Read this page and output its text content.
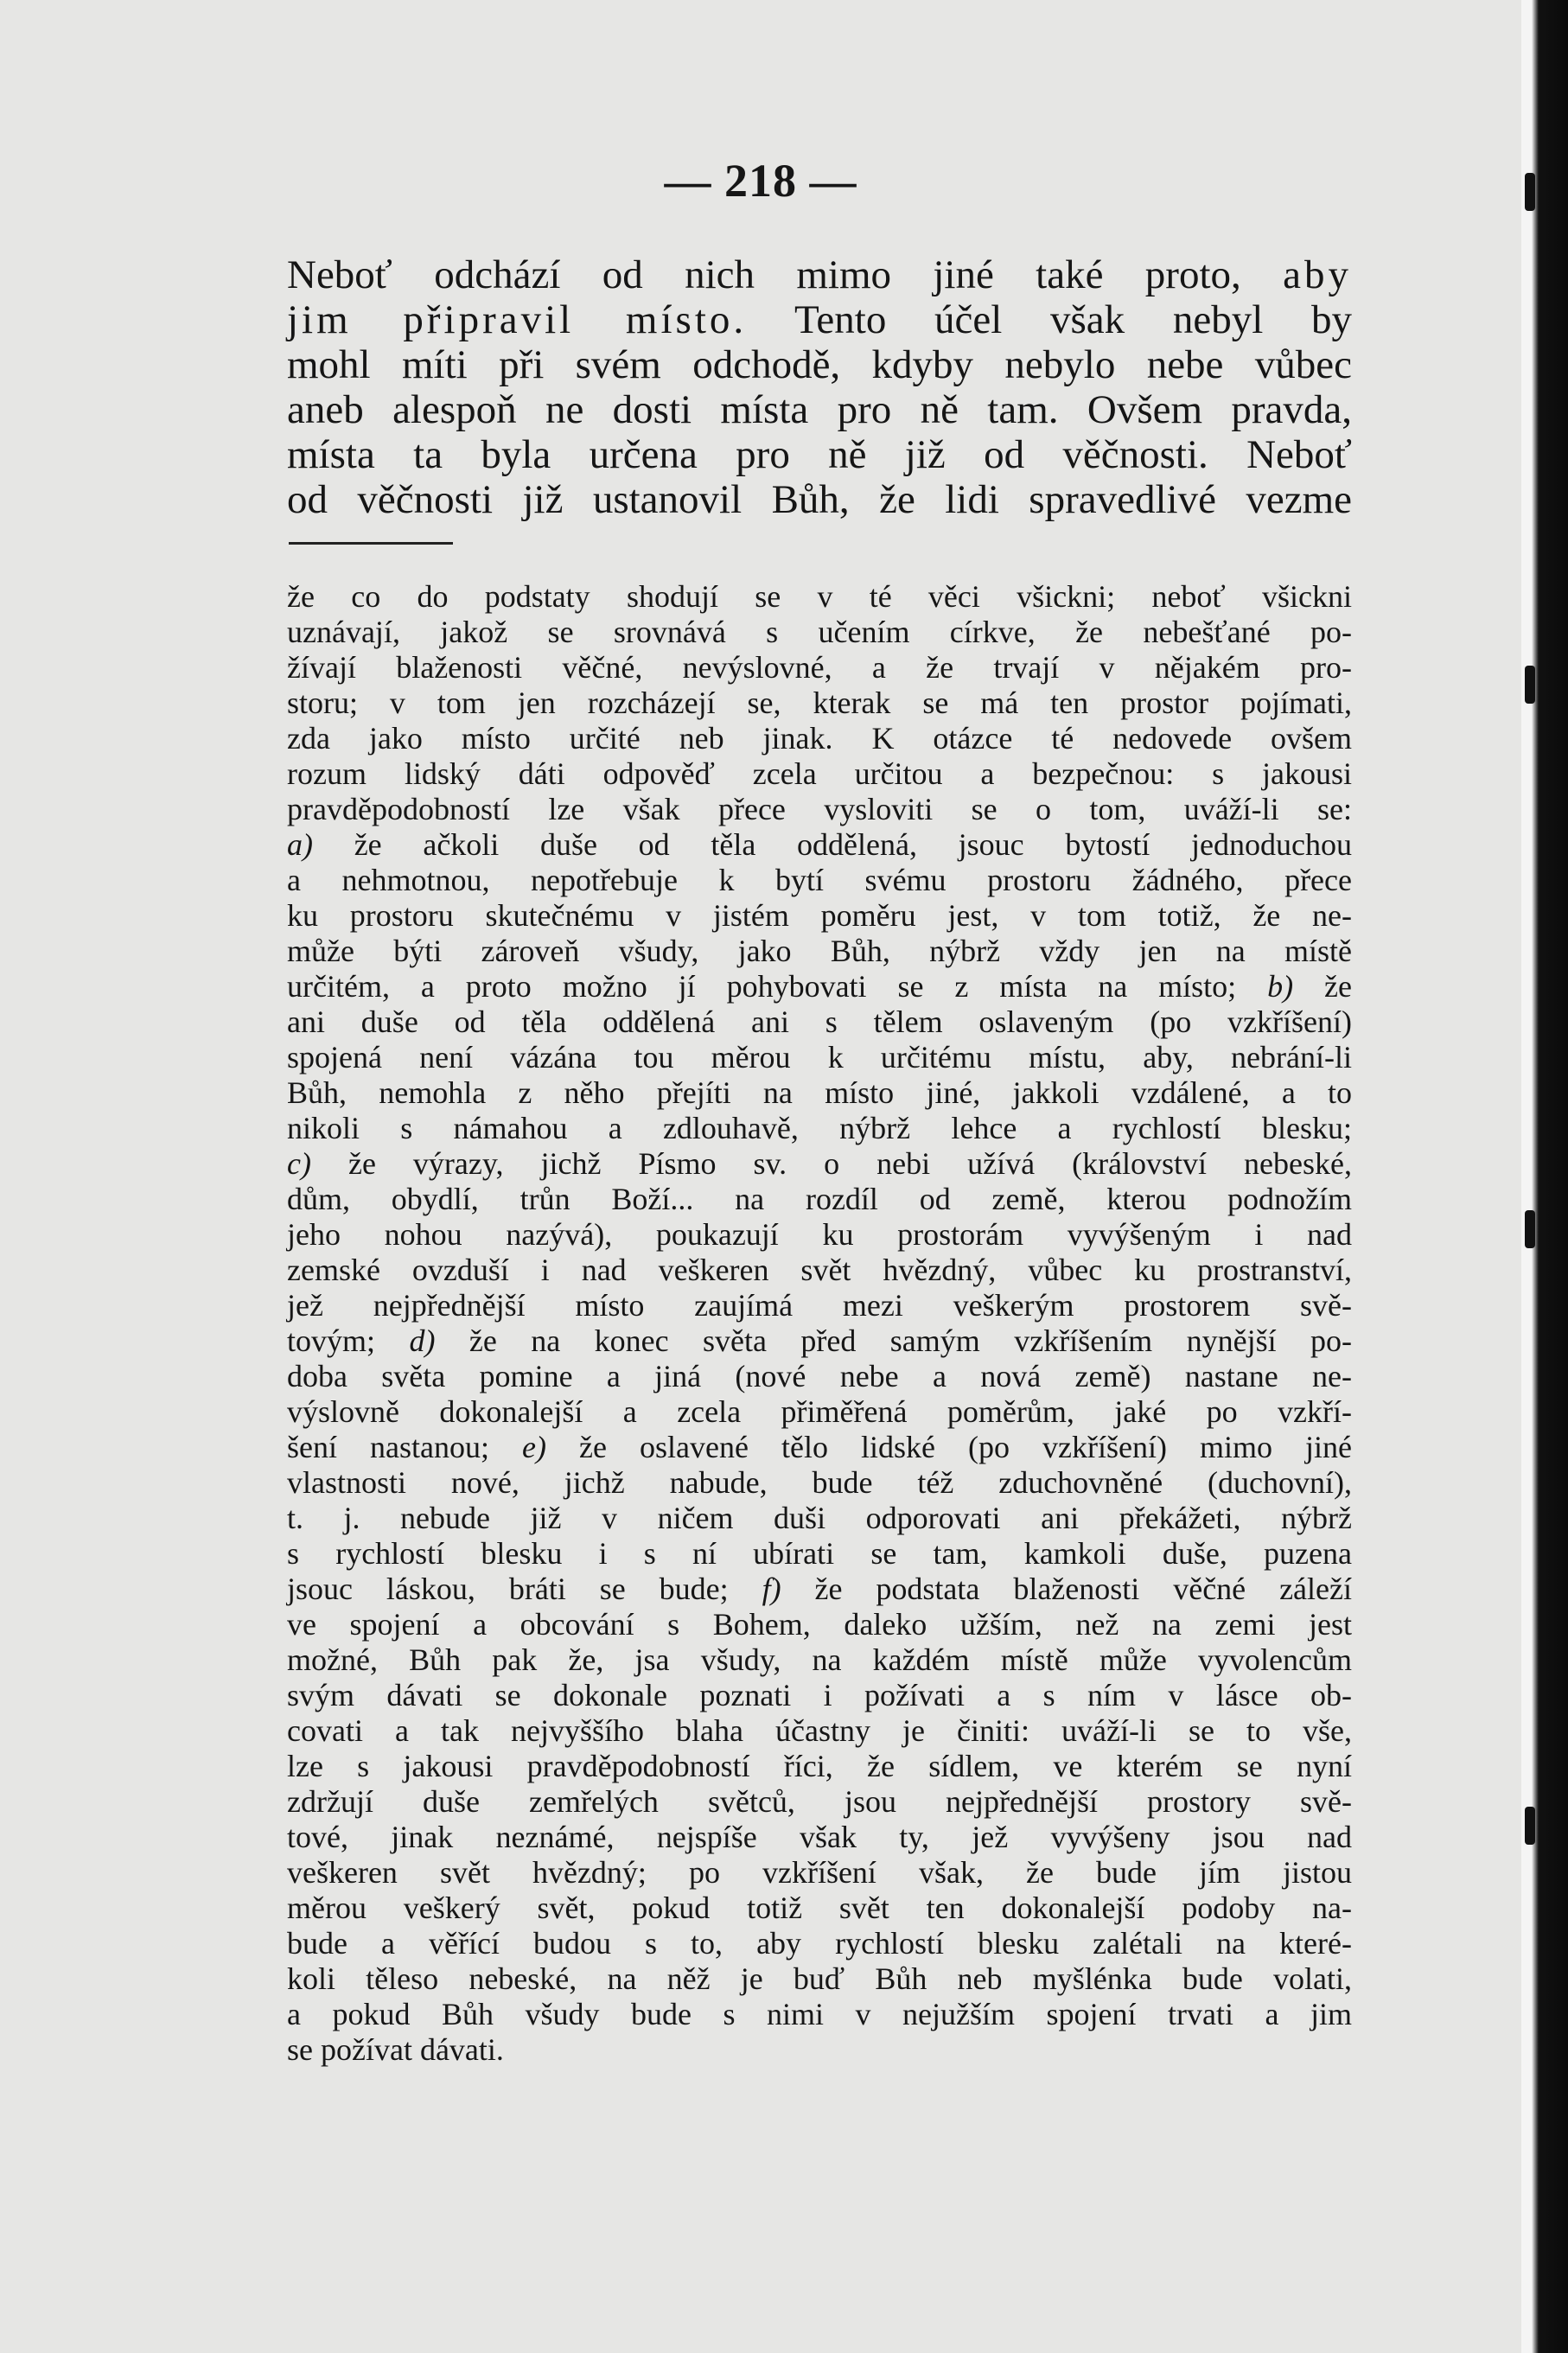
— 218 —
Neboť odchází od nich mimo jiné také proto, aby
jim připravil místo. Tento účel však nebyl by
mohl míti při svém odchodě, kdyby nebylo nebe vůbec
aneb alespoň ne dosti místa pro ně tam. Ovšem pravda,
místa ta byla určena pro ně již od věčnosti. Neboť
od věčnosti již ustanovil Bůh, že lidi spravedlivé vezme
že co do podstaty shodují se v té věci všickni; neboť všickni
uznávají, jakož se srovnává s učením církve, že nebešťané po-
žívají blaženosti věčné, nevýslovné, a že trvají v nějakém pro-
storu; v tom jen rozcházejí se, kterak se má ten prostor pojímati,
zda jako místo určité neb jinak. K otázce té nedovede ovšem
rozum lidský dáti odpověď zcela určitou a bezpečnou: s jakousi
pravděpodobností lze však přece vysloviti se o tom, uváží-li se:
a) že ačkoli duše od těla oddělená, jsouc bytostí jednoduchou
a nehmotnou, nepotřebuje k bytí svému prostoru žádného, přece
ku prostoru skutečnému v jistém poměru jest, v tom totiž, že ne-
může býti zároveň všudy, jako Bůh, nýbrž vždy jen na místě
určitém, a proto možno jí pohybovati se z místa na místo; b) že
ani duše od těla oddělená ani s tělem oslaveným (po vzkříšení)
spojená není vázána tou měrou k určitému místu, aby, nebrání-li
Bůh, nemohla z něho přejíti na místo jiné, jakkoli vzdálené, a to
nikoli s námahou a zdlouhavě, nýbrž lehce a rychlostí blesku;
c) že výrazy, jichž Písmo sv. o nebi užívá (království nebeské,
dům, obydlí, trůn Boží... na rozdíl od země, kterou podnožím
jeho nohou nazývá), poukazují ku prostorám vyvýšeným i nad
zemské ovzduší i nad veškeren svět hvězdný, vůbec ku prostranství,
jež nejpřednější místo zaujímá mezi veškerým prostorem svě-
tovým; d) že na konec světa před samým vzkříšením nynější po-
doba světa pomine a jiná (nové nebe a nová země) nastane ne-
výslovně dokonalejší a zcela přiměřená poměrům, jaké po vzkří-
šení nastanou; e) že oslavené tělo lidské (po vzkříšení) mimo jiné
vlastnosti nové, jichž nabude, bude též zduchovněné (duchovní),
t. j. nebude již v ničem duši odporovati ani překážeti, nýbrž
s rychlostí blesku i s ní ubírati se tam, kamkoli duše, puzena
jsouc láskou, bráti se bude; f) že podstata blaženosti věčné záleží
ve spojení a obcování s Bohem, daleko užším, než na zemi jest
možné, Bůh pak že, jsa všudy, na každém místě může vyvolencům
svým dávati se dokonale poznati i požívati a s ním v lásce ob-
covati a tak nejvyššího blaha účastny je činiti: uváží-li se to vše,
lze s jakousi pravděpodobností říci, že sídlem, ve kterém se nyní
zdržují duše zemřelých světců, jsou nejpřednější prostory svě-
tové, jinak neznámé, nejspíše však ty, jež vyvýšeny jsou nad
veškeren svět hvězdný; po vzkříšení však, že bude jím jistou
měrou veškerý svět, pokud totiž svět ten dokonalejší podoby na-
bude a věřící budou s to, aby rychlostí blesku zalétali na které-
koli těleso nebeské, na něž je buď Bůh neb myšlénka bude volati,
a pokud Bůh všudy bude s nimi v nejužším spojení trvati a jim
se požívat dávati.
